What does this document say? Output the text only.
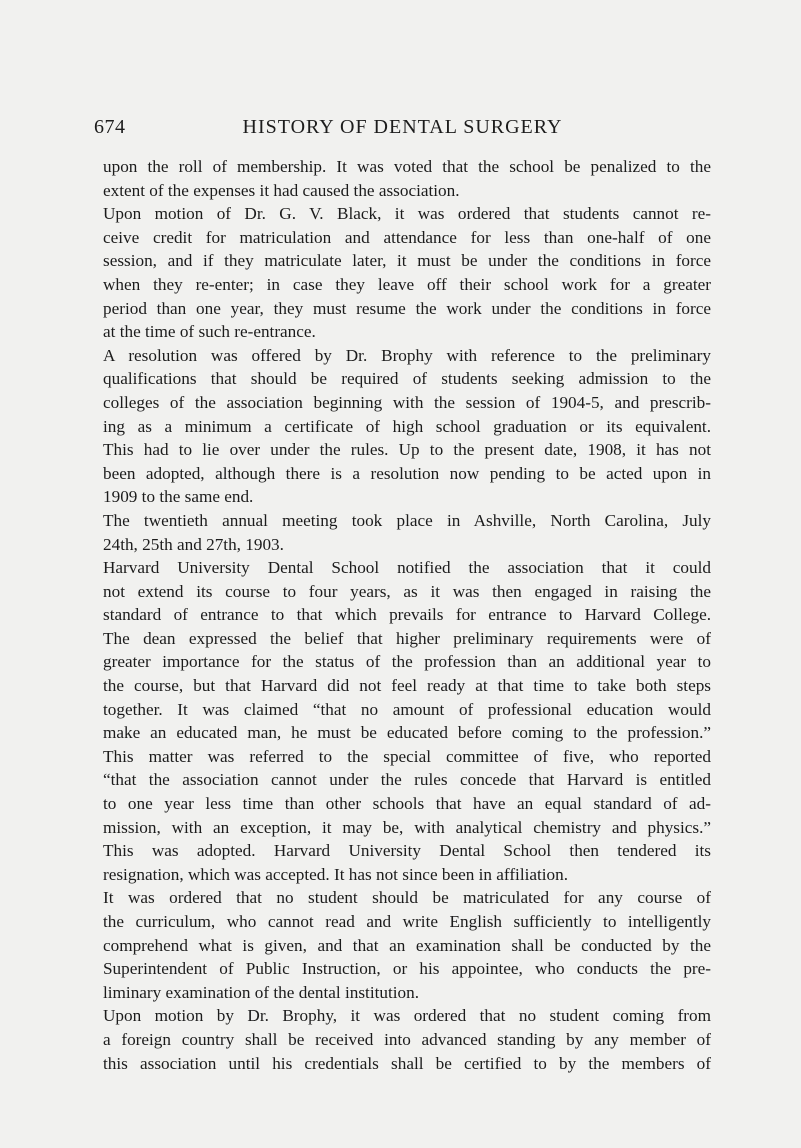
674	HISTORY OF DENTAL SURGERY
upon the roll of membership. It was voted that the school be penalized to the
extent of the expenses it had caused the association.
Upon motion of Dr. G. V. Black, it was ordered that students cannot re-
ceive credit for matriculation and attendance for less than one-half of one
session, and if they matriculate later, it must be under the conditions in force
when they re-enter; in case they leave off their school work for a greater
period than one year, they must resume the work under the conditions in force
at the time of such re-entrance.
A resolution was offered by Dr. Brophy with reference to the preliminary
qualifications that should be required of students seeking admission to the
colleges of the association beginning with the session of 1904-5, and prescrib-
ing as a minimum a certificate of high school graduation or its equivalent.
This had to lie over under the rules. Up to the present date, 1908, it has not
been adopted, although there is a resolution now pending to be acted upon in
1909 to the same end.
The twentieth annual meeting took place in Ashville, North Carolina, July
24th, 25th and 27th, 1903.
Harvard University Dental School notified the association that it could
not extend its course to four years, as it was then engaged in raising the
standard of entrance to that which prevails for entrance to Harvard College.
The dean expressed the belief that higher preliminary requirements were of
greater importance for the status of the profession than an additional year to
the course, but that Harvard did not feel ready at that time to take both steps
together. It was claimed “that no amount of professional education would
make an educated man, he must be educated before coming to the profession.”
This matter was referred to the special committee of five, who reported
“that the association cannot under the rules concede that Harvard is entitled
to one year less time than other schools that have an equal standard of ad-
mission, with an exception, it may be, with analytical chemistry and physics.”
This was adopted. Harvard University Dental School then tendered its
resignation, which was accepted. It has not since been in affiliation.
It was ordered that no student should be matriculated for any course of
the curriculum, who cannot read and write English sufficiently to intelligently
comprehend what is given, and that an examination shall be conducted by the
Superintendent of Public Instruction, or his appointee, who conducts the pre-
liminary examination of the dental institution.
Upon motion by Dr. Brophy, it was ordered that no student coming from
a foreign country shall be received into advanced standing by any member of
this association until his credentials shall be certified to by the members of
